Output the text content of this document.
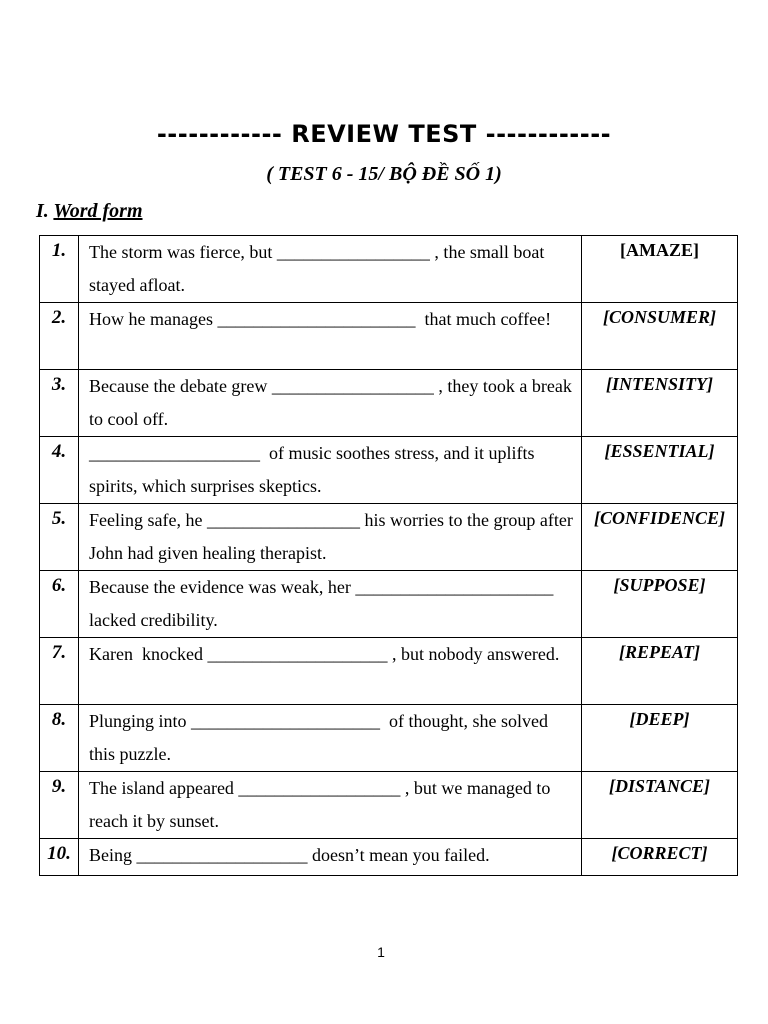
------------ REVIEW TEST ------------
( TEST 6 - 15/ BỘ ĐỀ SỐ 1)
I. Word form
1.	The storm was fierce, but _________________ , the small boat stayed afloat.	[AMAZE]
2.	How he manages ______________________  that much coffee!	[CONSUMER]
3.	Because the debate grew __________________ , they took a break to cool off.	[INTENSITY]
4.	___________________  of music soothes stress, and it uplifts spirits, which surprises skeptics.	[ESSENTIAL]
5.	Feeling safe, he _________________ his worries to the group after John had given healing therapist.	[CONFIDENCE]
6.	Because the evidence was weak, her ______________________  lacked credibility.	[SUPPOSE]
7.	Karen  knocked ____________________ , but nobody answered.	[REPEAT]
8.	Plunging into _____________________  of thought, she solved this puzzle.	[DEEP]
9.	The island appeared __________________ , but we managed to reach it by sunset.	[DISTANCE]
10.	Being ___________________ doesn’t mean you failed.	[CORRECT]
1
